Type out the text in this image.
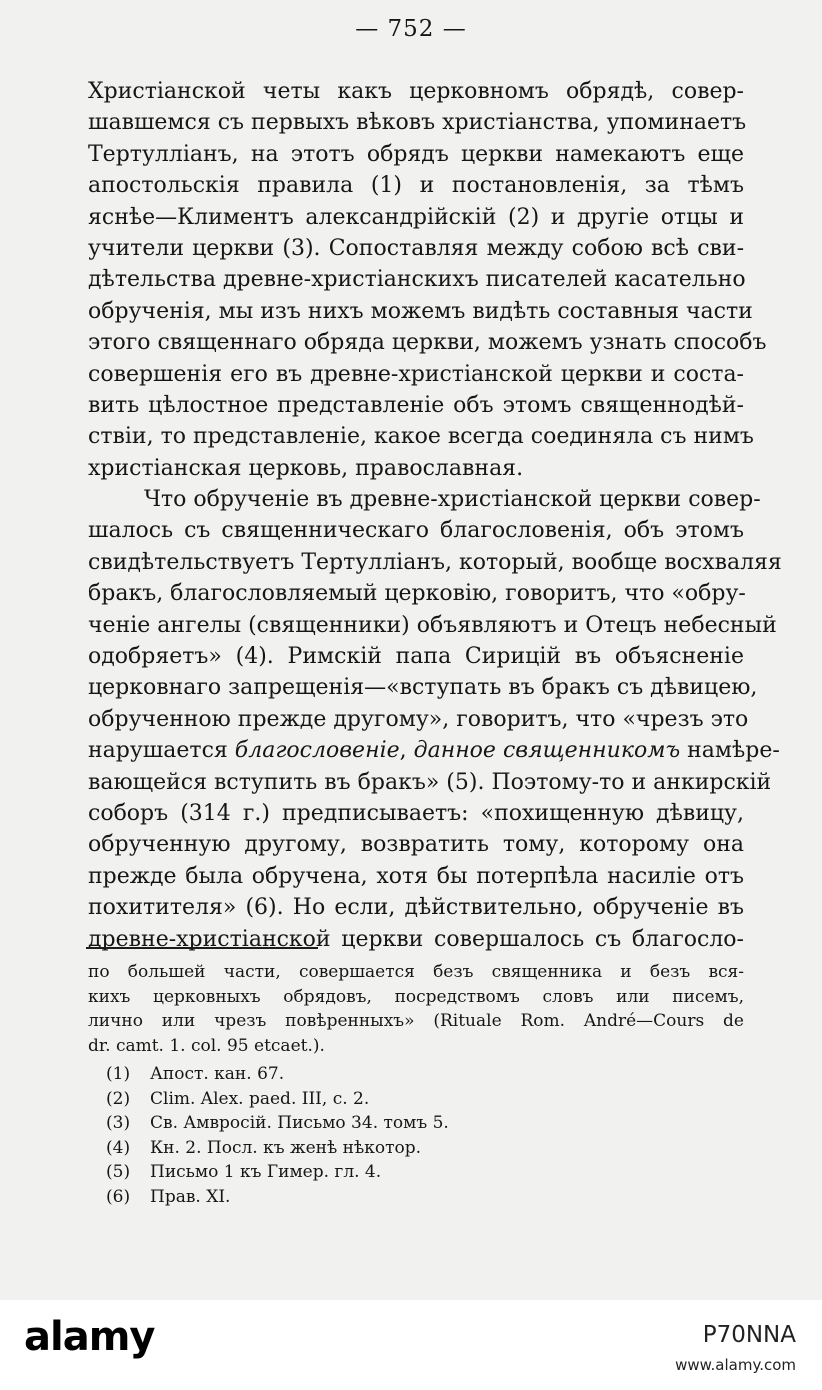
— 752 —
Христіанской четы какъ церковномъ обрядѣ, совер-
шавшемся съ первыхъ вѣковъ христіанства, упоминаетъ
Тертулліанъ, на этотъ обрядъ церкви намекаютъ еще
апостольскія правила (1) и постановленія, за тѣмъ
яснѣе—Климентъ александрійскій (2) и другіе отцы и
учители церкви (3). Сопоставляя между собою всѣ сви-
дѣтельства древне-христіанскихъ писателей касательно
обрученія, мы изъ нихъ можемъ видѣть составныя части
этого священнаго обряда церкви, можемъ узнать способъ
совершенія его въ древне-христіанской церкви и соста-
вить цѣлостное представленіе объ этомъ священнодѣй-
ствіи, то представленіе, какое всегда соединяла съ нимъ
христіанская церковь, православная.
Что обрученіе въ древне-христіанской церкви совер-
шалось съ священническаго благословенія, объ этомъ
свидѣтельствуетъ Тертулліанъ, который, вообще восхваляя
бракъ, благословляемый церковію, говоритъ, что «обру-
ченіе ангелы (священники) объявляютъ и Отецъ небесный
одобряетъ» (4). Римскій папа Сирицій въ объясненіе
церковнаго запрещенія—«вступать въ бракъ съ дѣвицею,
обрученною прежде другому», говоритъ, что «чрезъ это
нарушается благословеніе, данное священникомъ намѣре-
вающейся вступить въ бракъ» (5). Поэтому-то и анкирскій
соборъ (314 г.) предписываетъ: «похищенную дѣвицу,
обрученную другому, возвратить тому, которому она
прежде была обручена, хотя бы потерпѣла насиліе отъ
похитителя» (6). Но если, дѣйствительно, обрученіе въ
древне-христіанской церкви совершалось съ благосло-
по большей части, совершается безъ священника и безъ вся-
кихъ церковныхъ обрядовъ, посредствомъ словъ или писемъ,
лично или чрезъ повѣренныхъ» (Rituale Rom. André—Cours de
dr. camt. 1. col. 95 etcaet.).
(1) Апост. кан. 67.
(2) Clim. Alex. paed. III, c. 2.
(3) Св. Амвросій. Письмо 34. томъ 5.
(4) Кн. 2. Посл. къ женѣ нѣкотор.
(5) Письмо 1 къ Гимер. гл. 4.
(6) Прав. XI.
alamy	P70NNA
www.alamy.com
